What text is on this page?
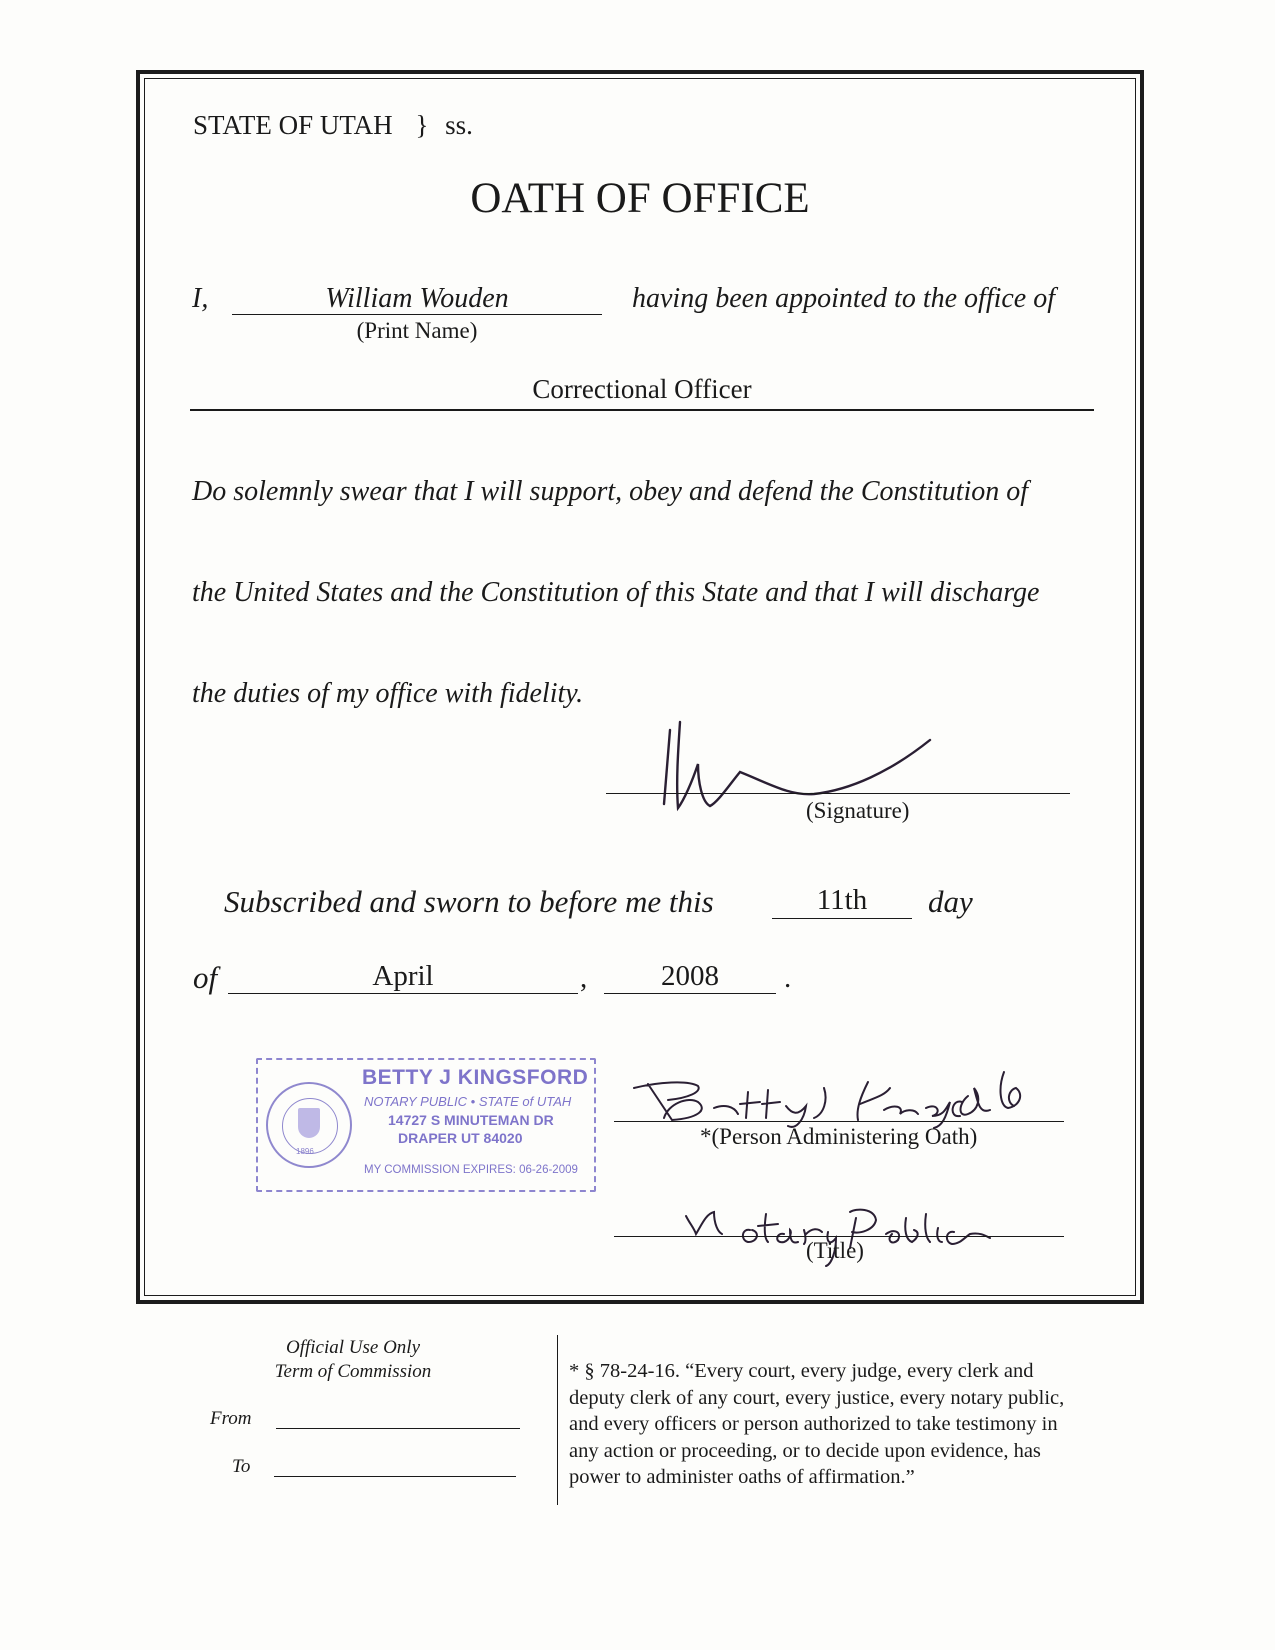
STATE OF UTAH } ss.
OATH OF OFFICE
I,	William Wouden
(Print Name)
having been appointed to the office of
Correctional Officer
Do solemnly swear that I will support, obey and defend the Constitution of
the United States and the Constitution of this State and that I will discharge
the duties of my office with fidelity.
(Signature)
Subscribed and sworn to before me this	11th	day
of	April	,	2008	.
1896
BETTY J KINGSFORD
NOTARY PUBLIC • STATE of UTAH
14727 S MINUTEMAN DR
DRAPER UT 84020
MY COMMISSION EXPIRES: 06-26-2009
*(Person Administering Oath)
(Title)
Official Use Only
Term of Commission
From
To
* § 78-24-16. “Every court, every judge, every clerk and
deputy clerk of any court, every justice, every notary public,
and every officers or person authorized to take testimony in
any action or proceeding, or to decide upon evidence, has
power to administer oaths of affirmation.”
